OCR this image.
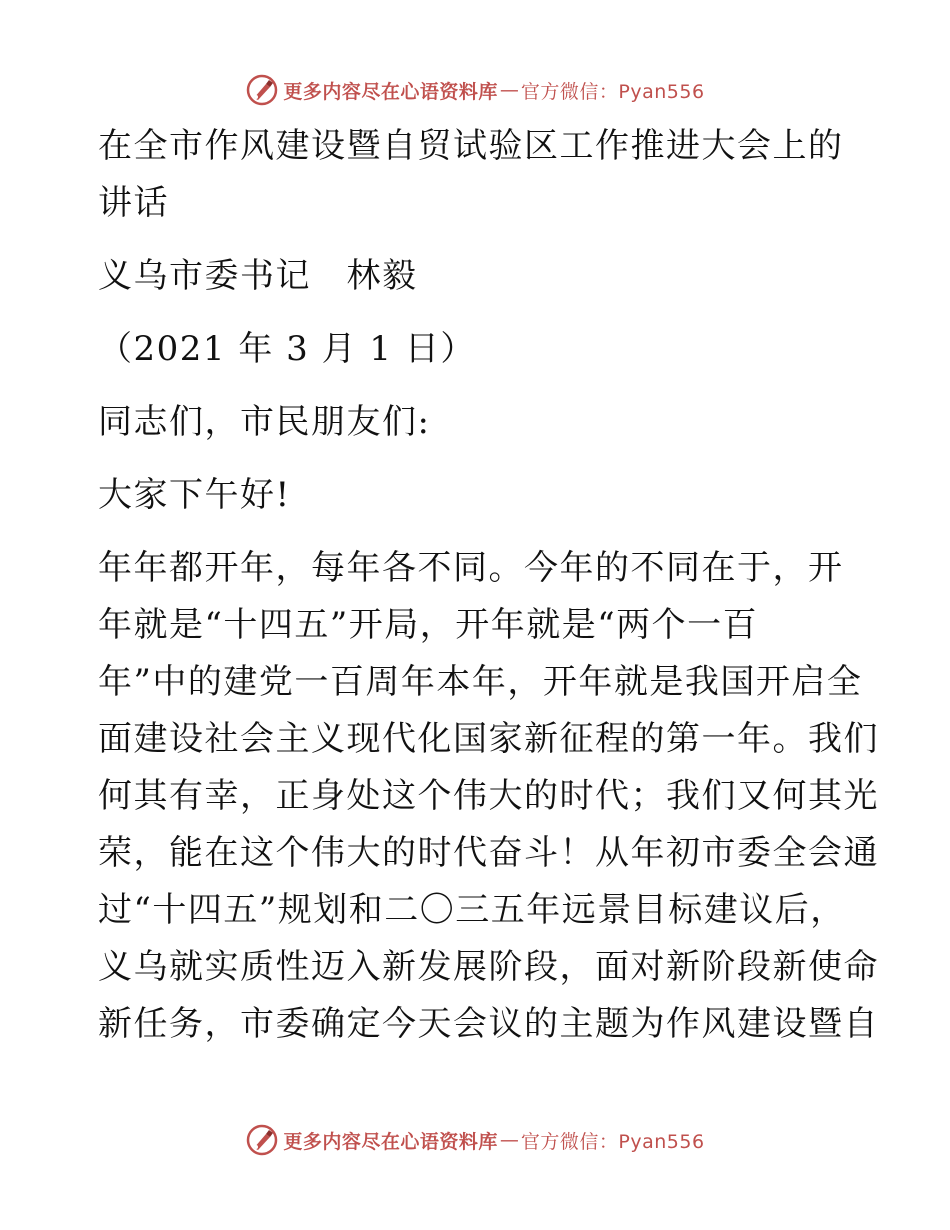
更多内容尽在心语资料库 — 官方微信：Pyan556
在全市作风建设暨自贸试验区工作推进大会上的
讲话
义乌市委书记　林毅
（2021 年 3 月 1 日）
同志们，市民朋友们:
大家下午好!
年年都开年，每年各不同。今年的不同在于，开
年就是“十四五”开局，开年就是“两个一百
年”中的建党一百周年本年，开年就是我国开启全
面建设社会主义现代化国家新征程的第一年。我们
何其有幸，正身处这个伟大的时代；我们又何其光
荣，能在这个伟大的时代奋斗！从年初市委全会通
过“十四五”规划和二〇三五年远景目标建议后，
义乌就实质性迈入新发展阶段，面对新阶段新使命
新任务，市委确定今天会议的主题为作风建设暨自
更多内容尽在心语资料库 — 官方微信：Pyan556
